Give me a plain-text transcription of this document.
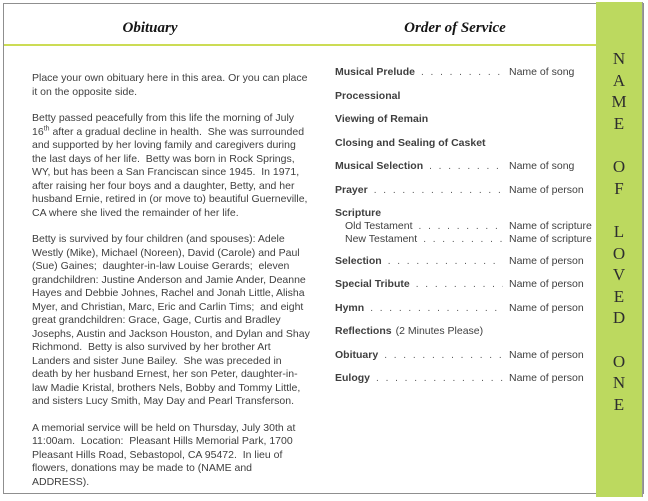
Obituary	Order of Service

Place your own obituary here in this area. Or you can place it on the opposite side.

Betty passed peacefully from this life the morning of July 16th after a gradual decline in health.  She was surrounded and supported by her loving family and caregivers during the last days of her life.  Betty was born in Rock Springs, WY, but has been a San Franciscan since 1945.  In 1971, after raising her four boys and a daughter, Betty, and her husband Ernie, retired in (or move to) beautiful Guerneville, CA where she lived the remainder of her life.

Betty is survived by four children (and spouses): Adele Westly (Mike), Michael (Noreen), David (Carole) and Paul (Sue) Gaines;  daughter-in-law Louise Gerards;  eleven grandchildren: Justine Anderson and Jamie Ander, Deanne Hayes and Debbie Johnes, Rachel and Jonah Little, Alisha Myer, and Christian, Marc, Eric and Carlin Tims;  and eight great grandchildren: Grace, Gage, Curtis and Bradley Josephs, Austin and Jackson Houston, and Dylan and Shay Richmond.  Betty is also survived by her brother Art Landers and sister June Bailey.  She was preceded in death by her husband Ernest, her son Peter, daughter-in-law Madie Kristal, brothers Nels, Bobby and Tommy Little, and sisters Lucy Smith, May Day and Pearl Transferson.

A memorial service will be held on Thursday, July 30th at 11:00am.  Location:  Pleasant Hills Memorial Park, 1700 Pleasant Hills Road, Sebastopol, CA 95472.  In lieu of flowers, donations may be made to (NAME and ADDRESS).

Musical Prelude . . .	Name of song
Processional
Viewing of Remain
Closing and Sealing of Casket
Musical Selection . . .	Name of song
Prayer . . .	Name of person
Scripture
Old Testament . . .	Name of scripture
New Testament . . .	Name of scripture
Selection . . .	Name of person
Special Tribute . . .	Name of person
Hymn . . .	Name of person
Reflections (2 Minutes Please)
Obituary . . .	Name of person
Eulogy . . .	Name of person
N
A
M
E
O
F
L
O
V
E
D
O
N
E
